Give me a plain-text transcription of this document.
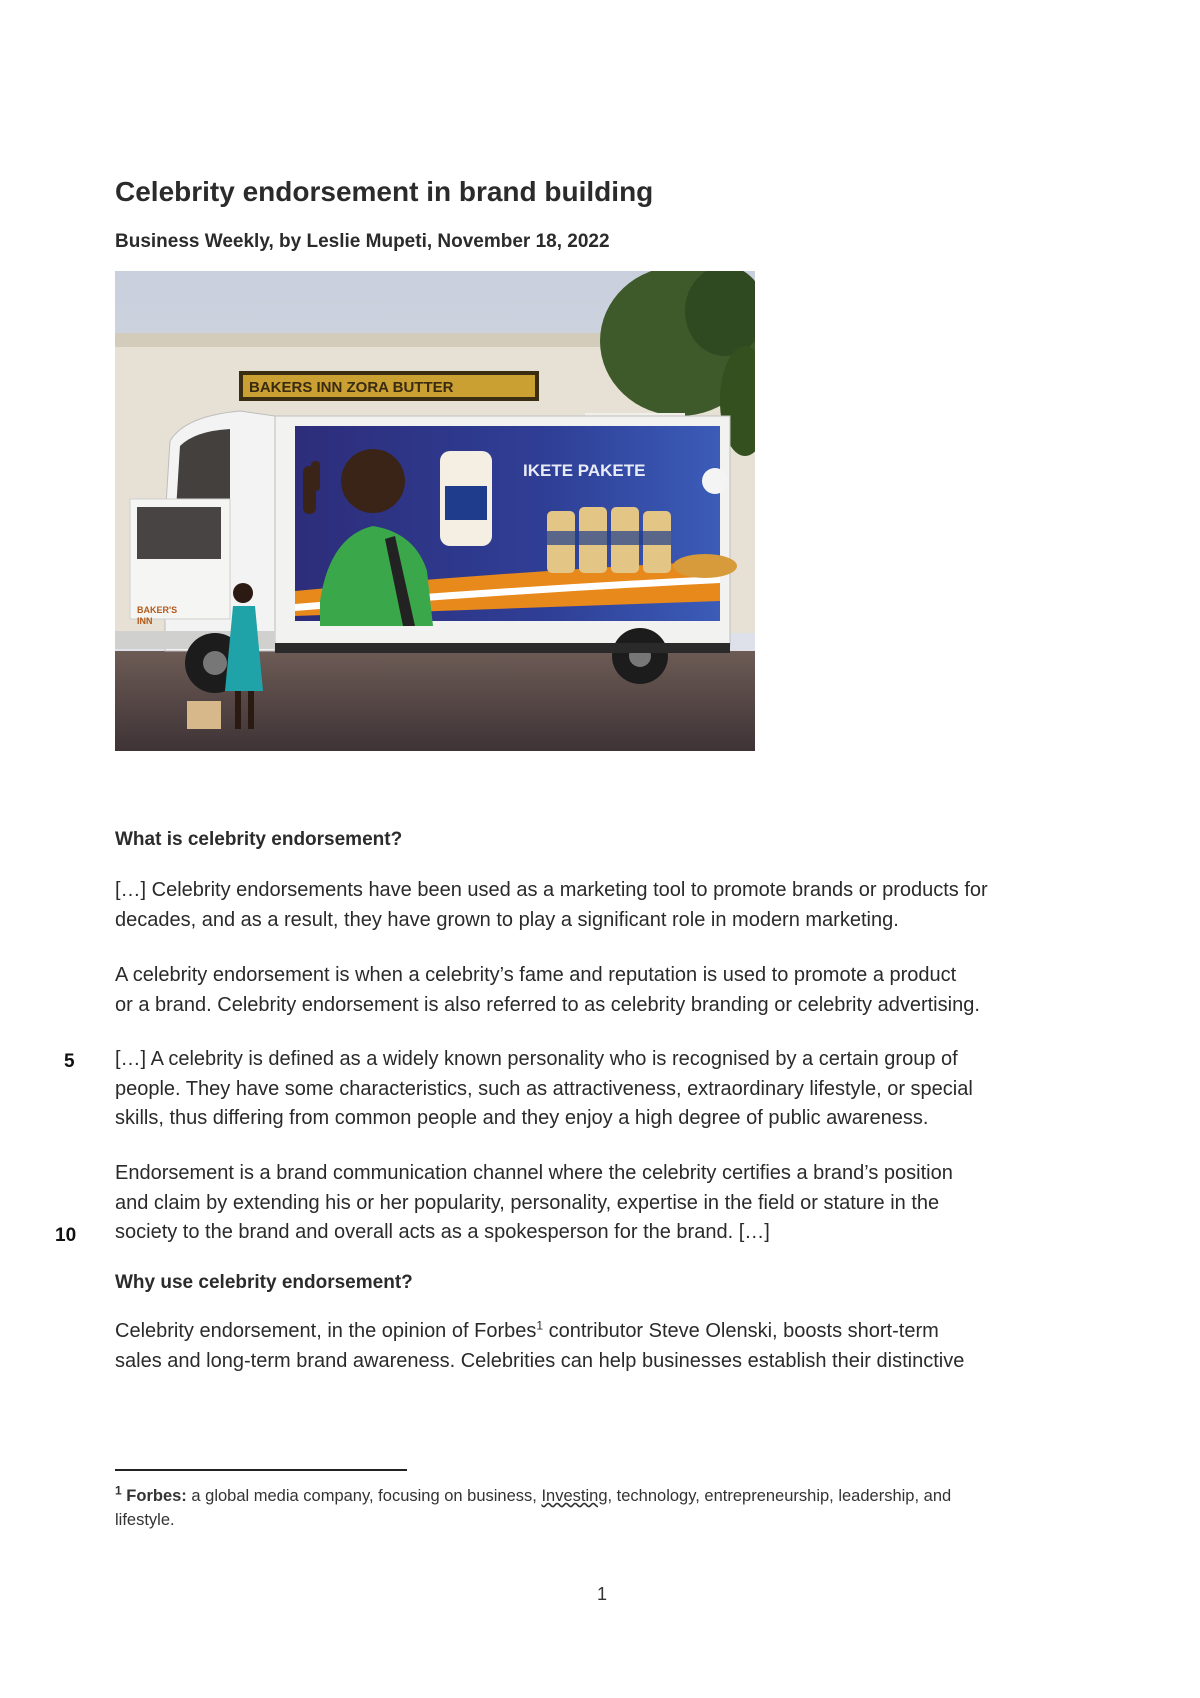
Celebrity endorsement in brand building
Business Weekly, by Leslie Mupeti, November 18, 2022
BAKERS INN ZORA BUTTER
IKETE PAKETE
BAKER'S
INN
What is celebrity endorsement?
[…] Celebrity endorsements have been used as a marketing tool to promote brands or products for
decades, and as a result, they have grown to play a significant role in modern marketing.
A celebrity endorsement is when a celebrity’s fame and reputation is used to promote a product
or a brand. Celebrity endorsement is also referred to as celebrity branding or celebrity advertising.
5 […] A celebrity is defined as a widely known personality who is recognised by a certain group of
people. They have some characteristics, such as attractiveness, extraordinary lifestyle, or special
skills, thus differing from common people and they enjoy a high degree of public awareness.
Endorsement is a brand communication channel where the celebrity certifies a brand’s position
and claim by extending his or her popularity, personality, expertise in the field or stature in the
society to the brand and overall acts as a spokesperson for the brand. […]
10
Why use celebrity endorsement?
Celebrity endorsement, in the opinion of Forbes$^1$ contributor Steve Olenski, boosts short-term
sales and long-term brand awareness. Celebrities can help businesses establish their distinctive
$^1$ Forbes: a global media company, focusing on business, Investing, technology, entrepreneurship, leadership, and
lifestyle.
1
